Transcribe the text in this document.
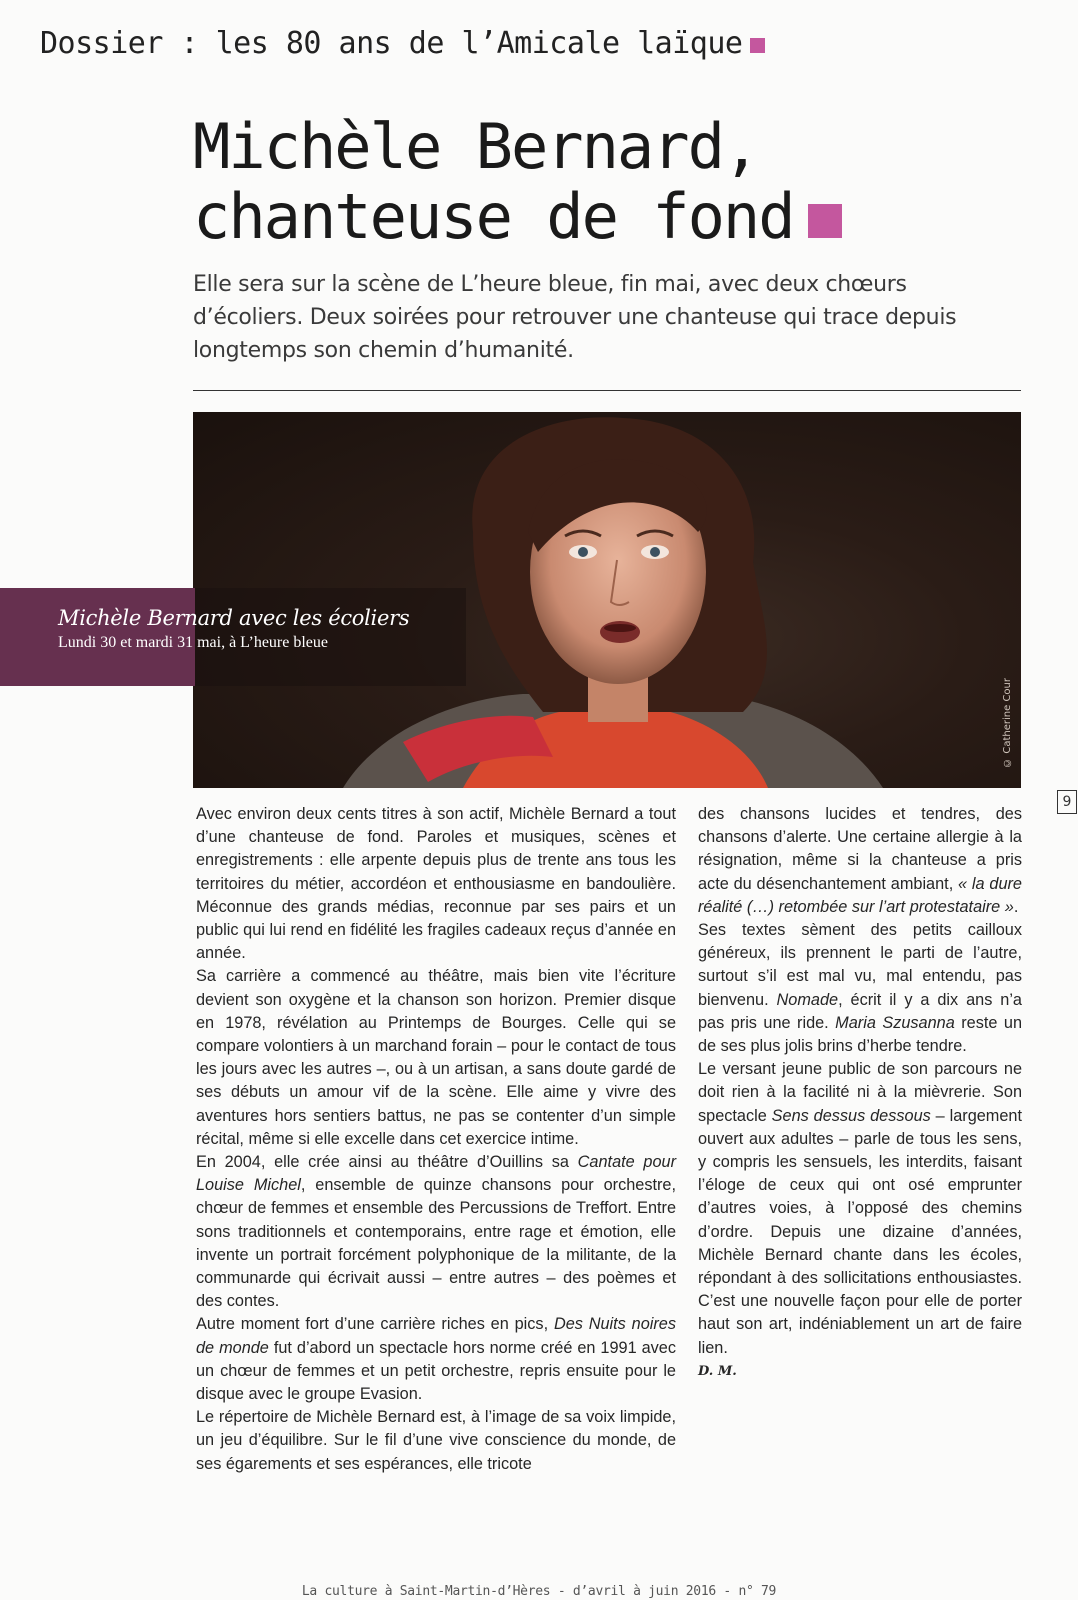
Dossier : les 80 ans de l’Amicale laïque
Michèle Bernard,
chanteuse de fond

Elle sera sur la scène de L’heure bleue, fin mai, avec deux chœurs d’écoliers. Deux soirées pour retrouver une chanteuse qui trace depuis longtemps son chemin d’humanité.

© Catherine Cour
Michèle Bernard avec les écoliers
Lundi 30 et mardi 31 mai, à L’heure bleue
9

Avec environ deux cents titres à son actif, Michèle Bernard a tout d’une chanteuse de fond. Paroles et musiques, scènes et enregistrements : elle arpente depuis plus de trente ans tous les territoires du métier, accordéon et enthousiasme en bandoulière. Méconnue des grands médias, reconnue par ses pairs et un public qui lui rend en fidélité les fragiles cadeaux reçus d’année en année.

Sa carrière a commencé au théâtre, mais bien vite l’écriture devient son oxygène et la chanson son horizon. Premier disque en 1978, révélation au Printemps de Bourges. Celle qui se compare volontiers à un marchand forain – pour le contact de tous les jours avec les autres –, ou à un artisan, a sans doute gardé de ses débuts un amour vif de la scène. Elle aime y vivre des aventures hors sentiers battus, ne pas se contenter d’un simple récital, même si elle excelle dans cet exercice intime.

En 2004, elle crée ainsi au théâtre d’Ouillins sa Cantate pour Louise Michel, ensemble de quinze chansons pour orchestre, chœur de femmes et ensemble des Percussions de Treffort. Entre sons traditionnels et contemporains, entre rage et émotion, elle invente un portrait forcément polyphonique de la militante, de la communarde qui écrivait aussi – entre autres – des poèmes et des contes.

Autre moment fort d’une carrière riches en pics, Des Nuits noires de monde fut d’abord un spectacle hors norme créé en 1991 avec un chœur de femmes et un petit orchestre, repris ensuite pour le disque avec le groupe Evasion.

Le répertoire de Michèle Bernard est, à l’image de sa voix limpide, un jeu d’équilibre. Sur le fil d’une vive conscience du monde, de ses égarements et ses espérances, elle tricote

des chansons lucides et tendres, des chansons d’alerte. Une certaine allergie à la résignation, même si la chanteuse a pris acte du désenchantement ambiant, « la dure réalité (…) retombée sur l’art protestataire ».

Ses textes sèment des petits cailloux généreux, ils prennent le parti de l’autre, surtout s’il est mal vu, mal entendu, pas bienvenu. Nomade, écrit il y a dix ans n’a pas pris une ride. Maria Szusanna reste un de ses plus jolis brins d’herbe tendre.

Le versant jeune public de son parcours ne doit rien à la facilité ni à la mièvrerie. Son spectacle Sens dessus dessous – largement ouvert aux adultes – parle de tous les sens, y compris les sensuels, les interdits, faisant l’éloge de ceux qui ont osé emprunter d’autres voies, à l’opposé des chemins d’ordre. Depuis une dizaine d’années, Michèle Bernard chante dans les écoles, répondant à des sollicitations enthousiastes. C’est une nouvelle façon pour elle de porter haut son art, indéniablement un art de faire lien.

D. M.

La culture à Saint-Martin-d’Hères - d’avril à juin 2016 - n° 79
